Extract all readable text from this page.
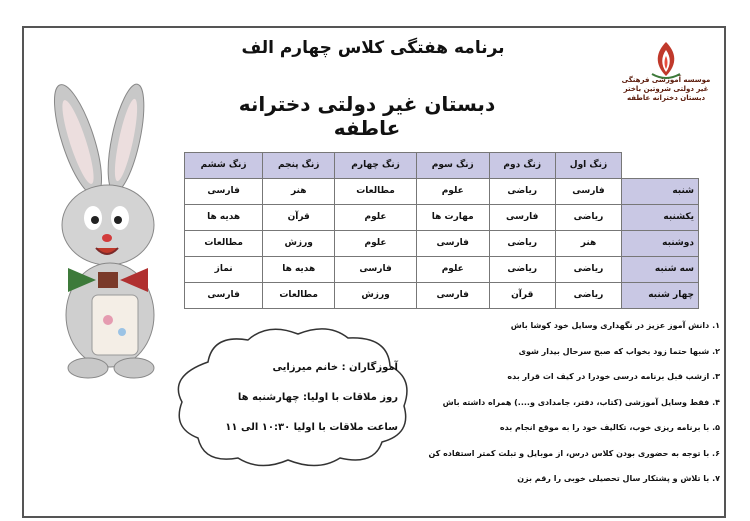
برنامه هفتگی کلاس چهارم الف
دبستان غیر دولتی دخترانه عاطفه
موسسه آموزشی فرهنگی
غیر دولتی شروتین باختر
دبستان دخترانه عاطفه
	زنگ اول	زنگ دوم	زنگ سوم	زنگ چهارم	زنگ پنجم	زنگ ششم
شنبه	فارسی	ریاضی	علوم	مطالعات	هنر	فارسی
یکشنبه	ریاضی	فارسی	مهارت ها	علوم	قرآن	هدیه ها
دوشنبه	هنر	ریاضی	فارسی	علوم	ورزش	مطالعات
سه شنبه	ریاضی	ریاضی	علوم	فارسی	هدیه ها	نماز
چهار شنبه	ریاضی	قرآن	فارسی	ورزش	مطالعات	فارسی
آموزگاران : خانم میرزایی
روز ملاقات با اولیا: چهارشنبه ها
ساعت ملاقات با اولیا ۱۰:۳۰ الی ۱۱
۱. دانش آموز عزیز در نگهداری وسایل خود کوشا باش
۲. شبها حتما زود بخواب که صبح سرحال بیدار شوی
۳. ازشب قبل برنامه درسی خودرا در کیف ات قرار بده
۴. فقط وسایل آموزشی (کتاب، دفتر، جامدادی و....) همراه داشته باش
۵. با برنامه ریزی خوب، تکالیف خود را به موقع انجام بده
۶. با توجه به حضوری بودن کلاس درس، از موبایل و تبلت کمتر استفاده کن
۷. با تلاش و پشتکار سال تحصیلی خوبی را رقم بزن
